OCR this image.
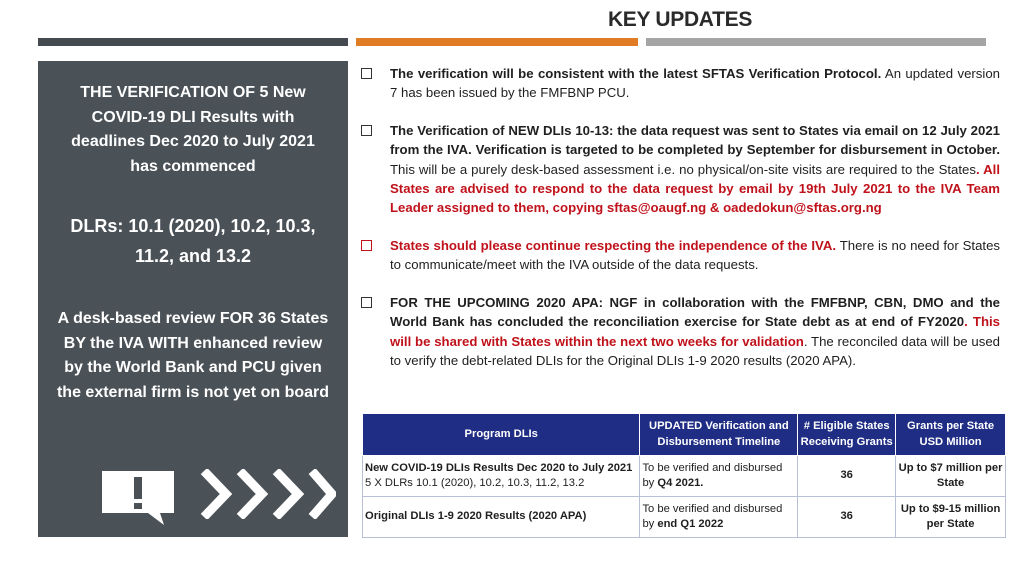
KEY UPDATES
THE VERIFICATION OF 5 New COVID-19 DLI Results with deadlines Dec 2020 to July 2021 has commenced
DLRs: 10.1 (2020), 10.2, 10.3, 11.2, and 13.2
A desk-based review FOR 36 States BY the IVA WITH enhanced review by the World Bank and PCU given the external firm is not yet on board
The verification will be consistent with the latest SFTAS Verification Protocol. An updated version 7 has been issued by the FMFBNP PCU.
The Verification of NEW DLIs 10-13: the data request was sent to States via email on 12 July 2021 from the IVA. Verification is targeted to be completed by September for disbursement in October. This will be a purely desk-based assessment i.e. no physical/on-site visits are required to the States. All States are advised to respond to the data request by email by 19th July 2021 to the IVA Team Leader assigned to them, copying sftas@oaugf.ng & oadedokun@sftas.org.ng
States should please continue respecting the independence of the IVA. There is no need for States to communicate/meet with the IVA outside of the data requests.
FOR THE UPCOMING 2020 APA: NGF in collaboration with the FMFBNP, CBN, DMO and the World Bank has concluded the reconciliation exercise for State debt as at end of FY2020. This will be shared with States within the next two weeks for validation. The reconciled data will be used to verify the debt-related DLIs for the Original DLIs 1-9 2020 results (2020 APA).
Program DLIs	UPDATED Verification and Disbursement Timeline	# Eligible States Receiving Grants	Grants per State USD Million
New COVID-19 DLIs Results Dec 2020 to July 2021
5 X DLRs 10.1 (2020), 10.2, 10.3, 11.2, 13.2	To be verified and disbursed by Q4 2021.	36	Up to $7 million per State
Original DLIs 1-9 2020 Results (2020 APA)	To be verified and disbursed by end Q1 2022	36	Up to $9-15 million per State
